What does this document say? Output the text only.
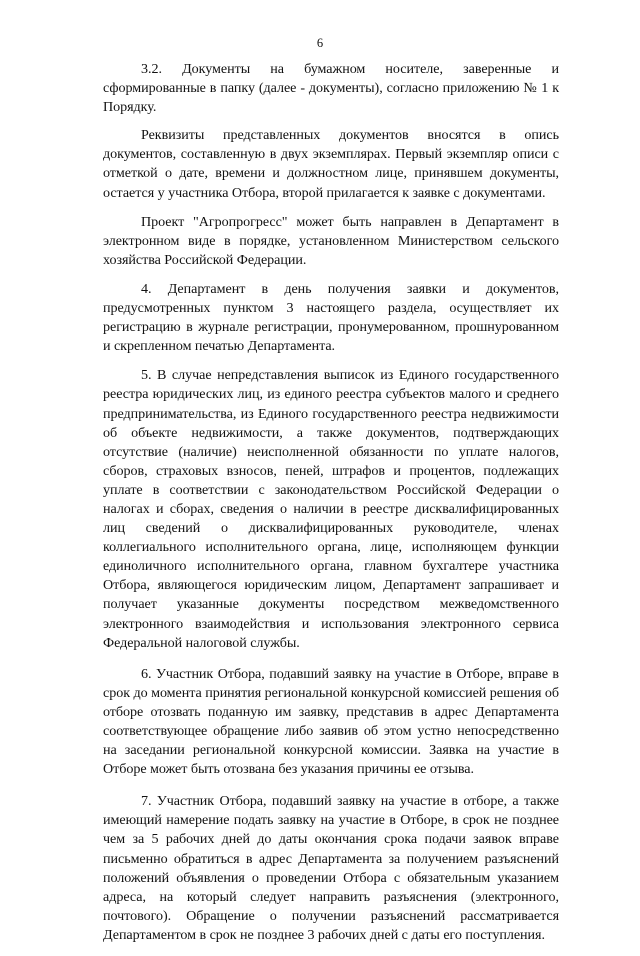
6

3.2. Документы на бумажном носителе, заверенные и сформированные в папку (далее - документы), согласно приложению № 1 к Порядку.

Реквизиты представленных документов вносятся в опись документов, составленную в двух экземплярах. Первый экземпляр описи с отметкой о дате, времени и должностном лице, принявшем документы, остается у участника Отбора, второй прилагается к заявке с документами.

Проект "Агропрогресс" может быть направлен в Департамент в электронном виде в порядке, установленном Министерством сельского хозяйства Российской Федерации.

4. Департамент в день получения заявки и документов, предусмотренных пунктом 3 настоящего раздела, осуществляет их регистрацию в журнале регистрации, пронумерованном, прошнурованном и скрепленном печатью Департамента.

5. В случае непредставления выписок из Единого государственного реестра юридических лиц, из единого реестра субъектов малого и среднего предпринимательства, из Единого государственного реестра недвижимости об объекте недвижимости, а также документов, подтверждающих отсутствие (наличие) неисполненной обязанности по уплате налогов, сборов, страховых взносов, пеней, штрафов и процентов, подлежащих уплате в соответствии с законодательством Российской Федерации о налогах и сборах, сведения о наличии в реестре дисквалифицированных лиц сведений о дисквалифицированных руководителе, членах коллегиального исполнительного органа, лице, исполняющем функции единоличного исполнительного органа, главном бухгалтере участника Отбора, являющегося юридическим лицом, Департамент запрашивает и получает указанные документы посредством межведомственного электронного взаимодействия и использования электронного сервиса Федеральной налоговой службы.

6. Участник Отбора, подавший заявку на участие в Отборе, вправе в срок до момента принятия региональной конкурсной комиссией решения об отборе отозвать поданную им заявку, представив в адрес Департамента соответствующее обращение либо заявив об этом устно непосредственно на заседании региональной конкурсной комиссии. Заявка на участие в Отборе может быть отозвана без указания причины ее отзыва.

7. Участник Отбора, подавший заявку на участие в отборе, а также имеющий намерение подать заявку на участие в Отборе, в срок не позднее чем за 5 рабочих дней до даты окончания срока подачи заявок вправе письменно обратиться в адрес Департамента за получением разъяснений положений объявления о проведении Отбора с обязательным указанием адреса, на который следует направить разъяснения (электронного, почтового). Обращение о получении разъяснений рассматривается Департаментом в срок не позднее 3 рабочих дней с даты его поступления.
